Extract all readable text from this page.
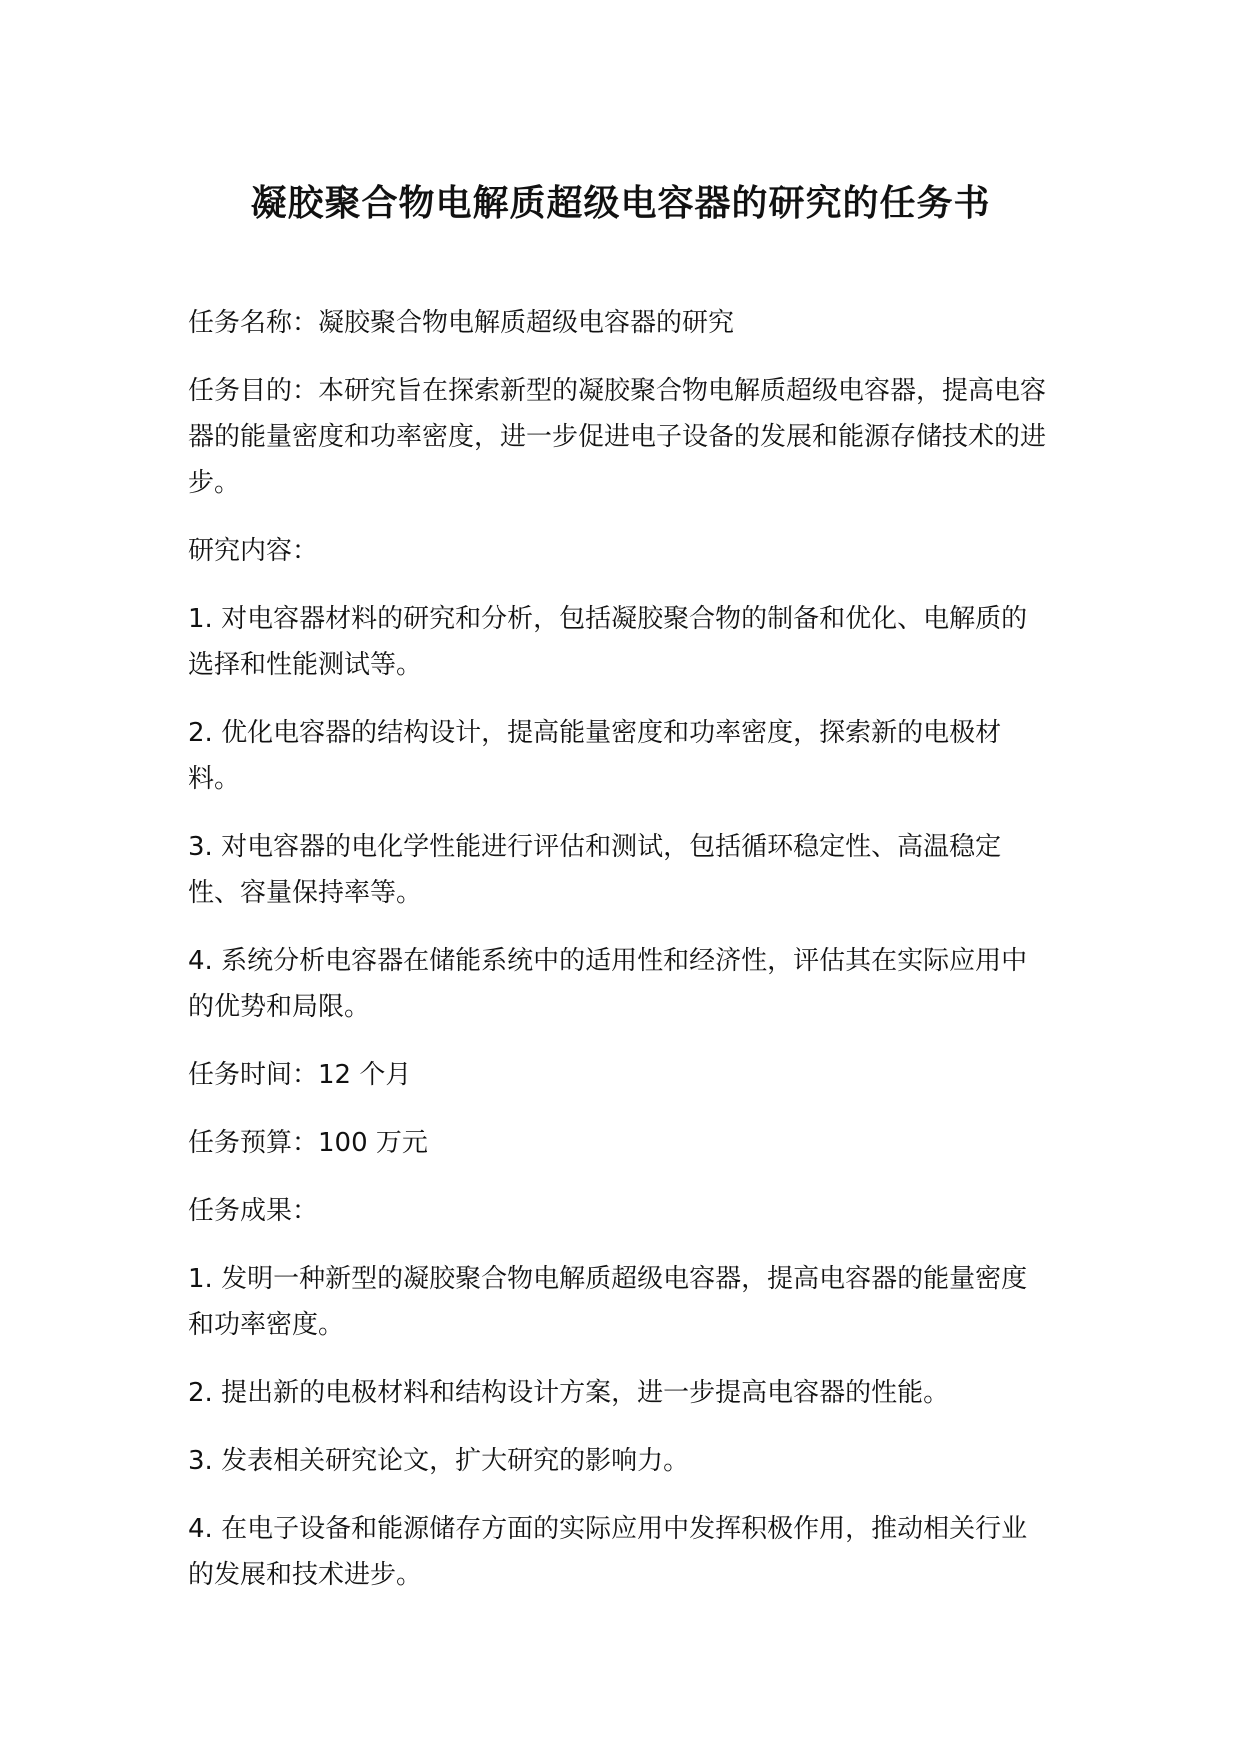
凝胶聚合物电解质超级电容器的研究的任务书

任务名称：凝胶聚合物电解质超级电容器的研究

任务目的：本研究旨在探索新型的凝胶聚合物电解质超级电容器，提高电容器的能量密度和功率密度，进一步促进电子设备的发展和能源存储技术的进步。

研究内容：

1. 对电容器材料的研究和分析，包括凝胶聚合物的制备和优化、电解质的选择和性能测试等。

2. 优化电容器的结构设计，提高能量密度和功率密度，探索新的电极材料。

3. 对电容器的电化学性能进行评估和测试，包括循环稳定性、高温稳定性、容量保持率等。

4. 系统分析电容器在储能系统中的适用性和经济性，评估其在实际应用中的优势和局限。

任务时间：12 个月

任务预算：100 万元

任务成果：

1. 发明一种新型的凝胶聚合物电解质超级电容器，提高电容器的能量密度和功率密度。

2. 提出新的电极材料和结构设计方案，进一步提高电容器的性能。

3. 发表相关研究论文，扩大研究的影响力。

4. 在电子设备和能源储存方面的实际应用中发挥积极作用，推动相关行业的发展和技术进步。
